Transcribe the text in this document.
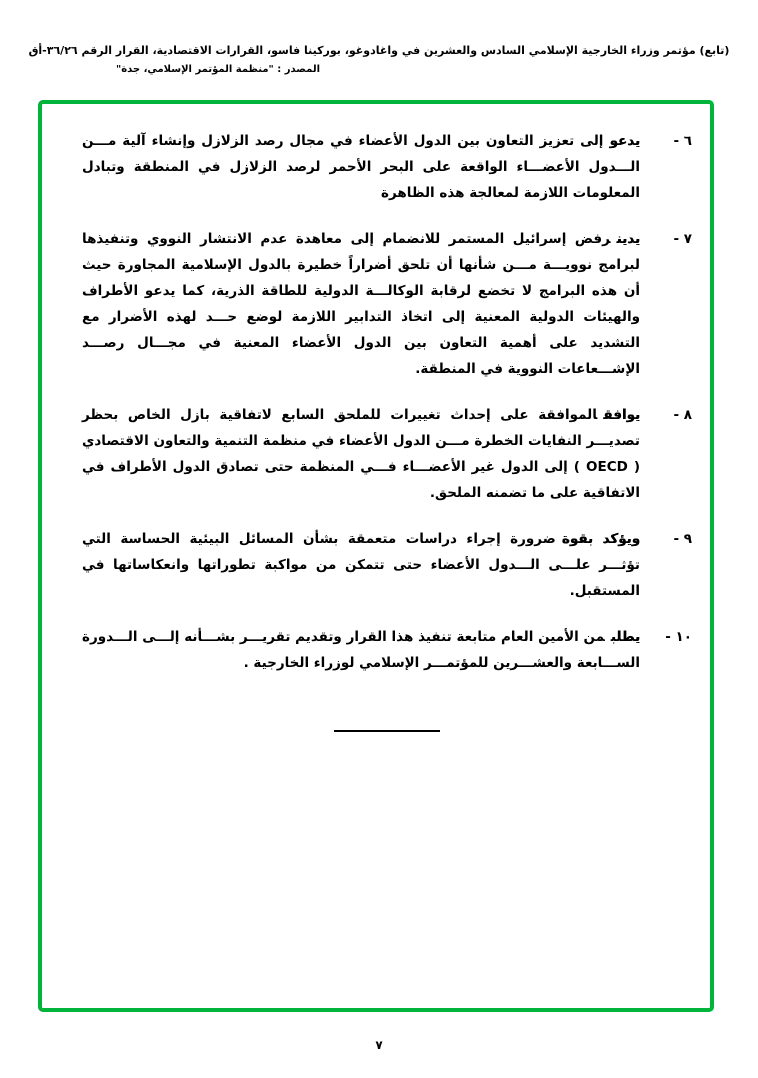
(تابع) مؤتمر وزراء الخارجية الإسلامي السادس والعشرين في واغادوغو، بوركينا فاسو، القرارات الاقتصادية، القرار الرقم ٣٦/٢٦-أق
المصدر : "منظمة المؤتمر الإسلامي، جدة"
٦ -
يدعوإلى تعزيز التعاون بين الدول الأعضاء في مجال رصد الزلازل وإنشاء آلية مـــن الـــدول الأعضـــاء الواقعة على البحر الأحمر لرصد الزلازل في المنطقة وتبادل المعلومات اللازمة لمعالجة هذه الظاهرة
٧ -
يدينرفض إسرائيل المستمر للانضمام إلى معاهدة عدم الانتشار النووي وتنفيذها لبرامج نوويـــة مـــن شأنها أن تلحق أضراراً خطيرة بالدول الإسلامية المجاورة حيث أن هذه البرامج لا تخضع لرقابة الوكالـــة الدولية للطاقة الذرية، كما يدعو الأطراف والهيئات الدولية المعنية إلى اتخاذ التدابير اللازمة لوضع حـــد لهذه الأضرار مع التشديد على أهمية التعاون بين الدول الأعضاء المعنية في مجـــال رصـــد الإشـــعاعات النووية في المنطقة.
٨ -
يوافقالموافقة على إحداث تغييرات للملحق السابع لاتفاقية بازل الخاص بحظر تصديـــر النفايات الخطرة مـــن الدول الأعضاء في منظمة التنمية والتعاون الاقتصادي ( OECD ) إلى الدول غير الأعضـــاء فـــي المنظمة حتى تصادق الدول الأطراف في الاتفاقية على ما تضمنه الملحق.
٩ -
ويؤكد بقوةضرورة إجراء دراسات متعمقة بشأن المسائل البيئية الحساسة التي تؤثـــر علـــى الـــدول الأعضاء حتى تتمكن من مواكبة تطوراتها وانعكاساتها في المستقبل.
١٠ -
يطلبمن الأمين العام متابعة تنفيذ هذا القرار وتقديم تقريـــر بشـــأنه إلـــى الـــدورة الســـابعة والعشـــرين للمؤتمـــر الإسلامي لوزراء الخارجية .
٧
